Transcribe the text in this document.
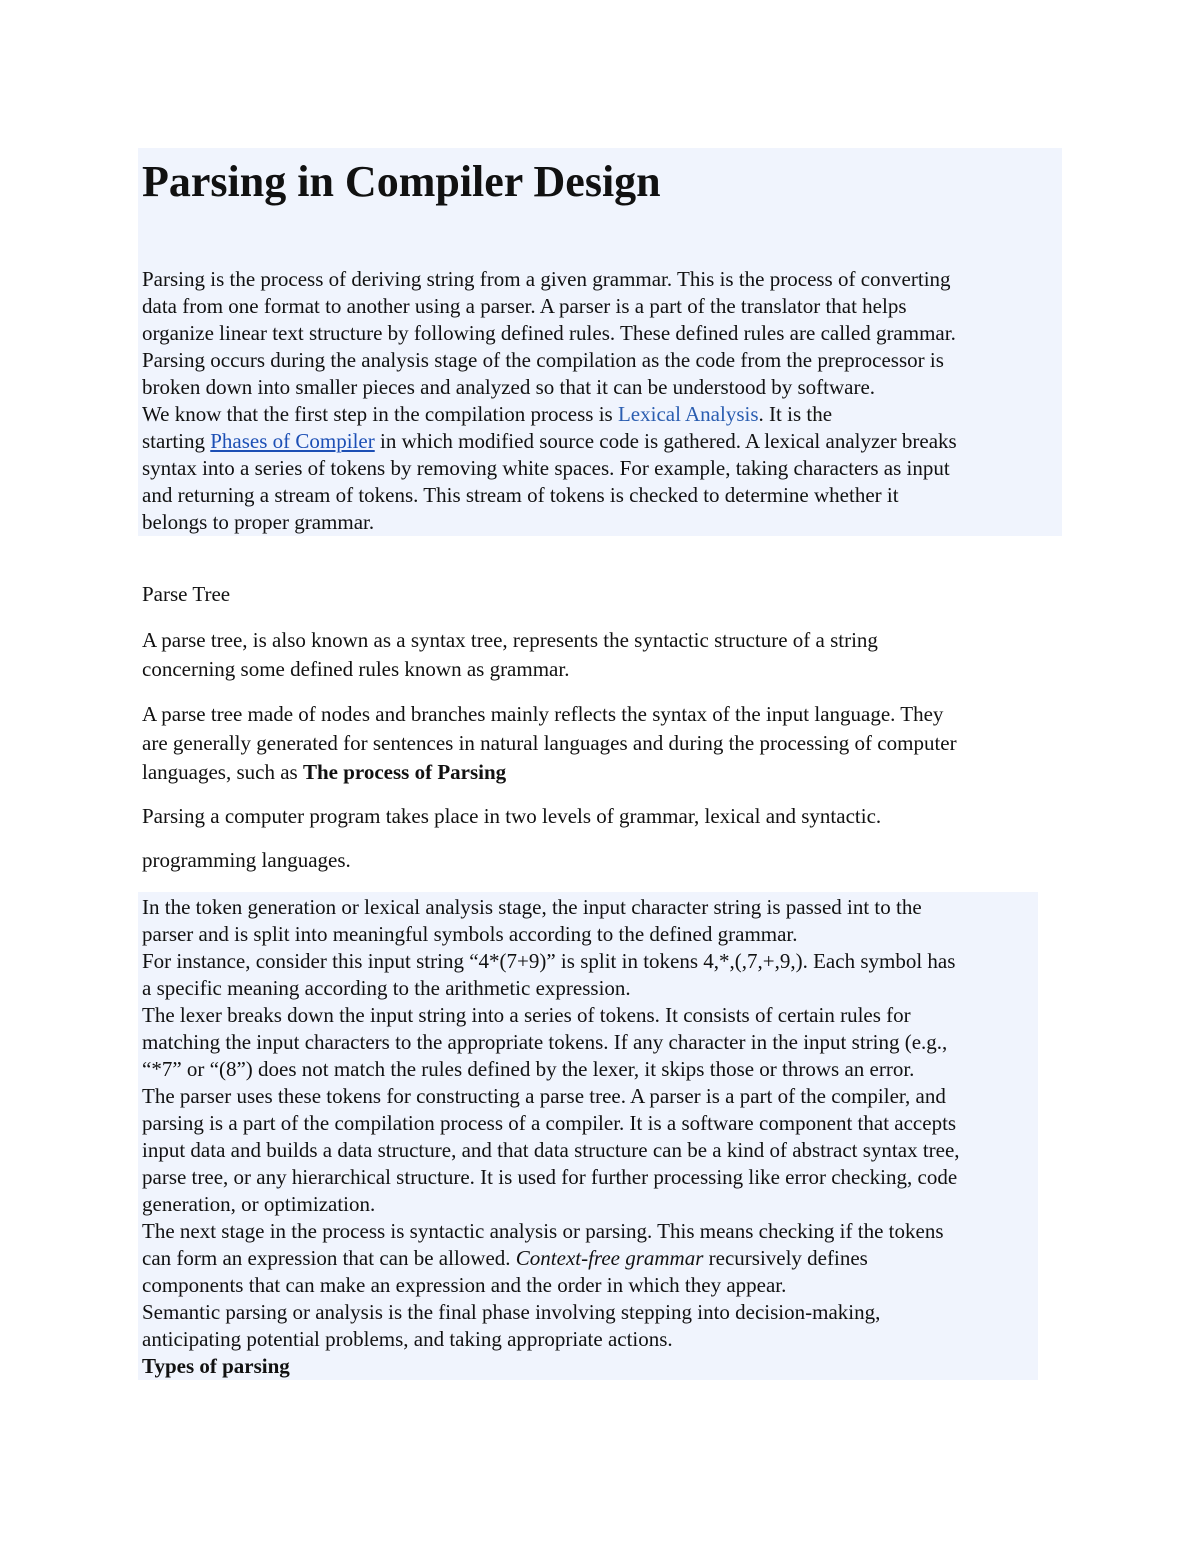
Parsing in Compiler Design

Parsing is the process of deriving string from a given grammar. This is the process of converting
data from one format to another using a parser. A parser is a part of the translator that helps
organize linear text structure by following defined rules. These defined rules are called grammar.
Parsing occurs during the analysis stage of the compilation as the code from the preprocessor is
broken down into smaller pieces and analyzed so that it can be understood by software.
We know that the first step in the compilation process is Lexical Analysis. It is the
starting Phases of Compiler in which modified source code is gathered. A lexical analyzer breaks
syntax into a series of tokens by removing white spaces. For example, taking characters as input
and returning a stream of tokens. This stream of tokens is checked to determine whether it
belongs to proper grammar.

Parse Tree

A parse tree, is also known as a syntax tree, represents the syntactic structure of a string
concerning some defined rules known as grammar.

A parse tree made of nodes and branches mainly reflects the syntax of the input language. They
are generally generated for sentences in natural languages and during the processing of computer
languages, such as The process of Parsing

Parsing a computer program takes place in two levels of grammar, lexical and syntactic.

programming languages.

In the token generation or lexical analysis stage, the input character string is passed int to the
parser and is split into meaningful symbols according to the defined grammar.
For instance, consider this input string “4*(7+9)” is split in tokens 4,*,(,7,+,9,). Each symbol has
a specific meaning according to the arithmetic expression.
The lexer breaks down the input string into a series of tokens. It consists of certain rules for
matching the input characters to the appropriate tokens. If any character in the input string (e.g.,
“*7” or “(8”) does not match the rules defined by the lexer, it skips those or throws an error.
The parser uses these tokens for constructing a parse tree. A parser is a part of the compiler, and
parsing is a part of the compilation process of a compiler. It is a software component that accepts
input data and builds a data structure, and that data structure can be a kind of abstract syntax tree,
parse tree, or any hierarchical structure. It is used for further processing like error checking, code
generation, or optimization.
The next stage in the process is syntactic analysis or parsing. This means checking if the tokens
can form an expression that can be allowed. Context-free grammar recursively defines
components that can make an expression and the order in which they appear.
Semantic parsing or analysis is the final phase involving stepping into decision-making,
anticipating potential problems, and taking appropriate actions.
Types of parsing
